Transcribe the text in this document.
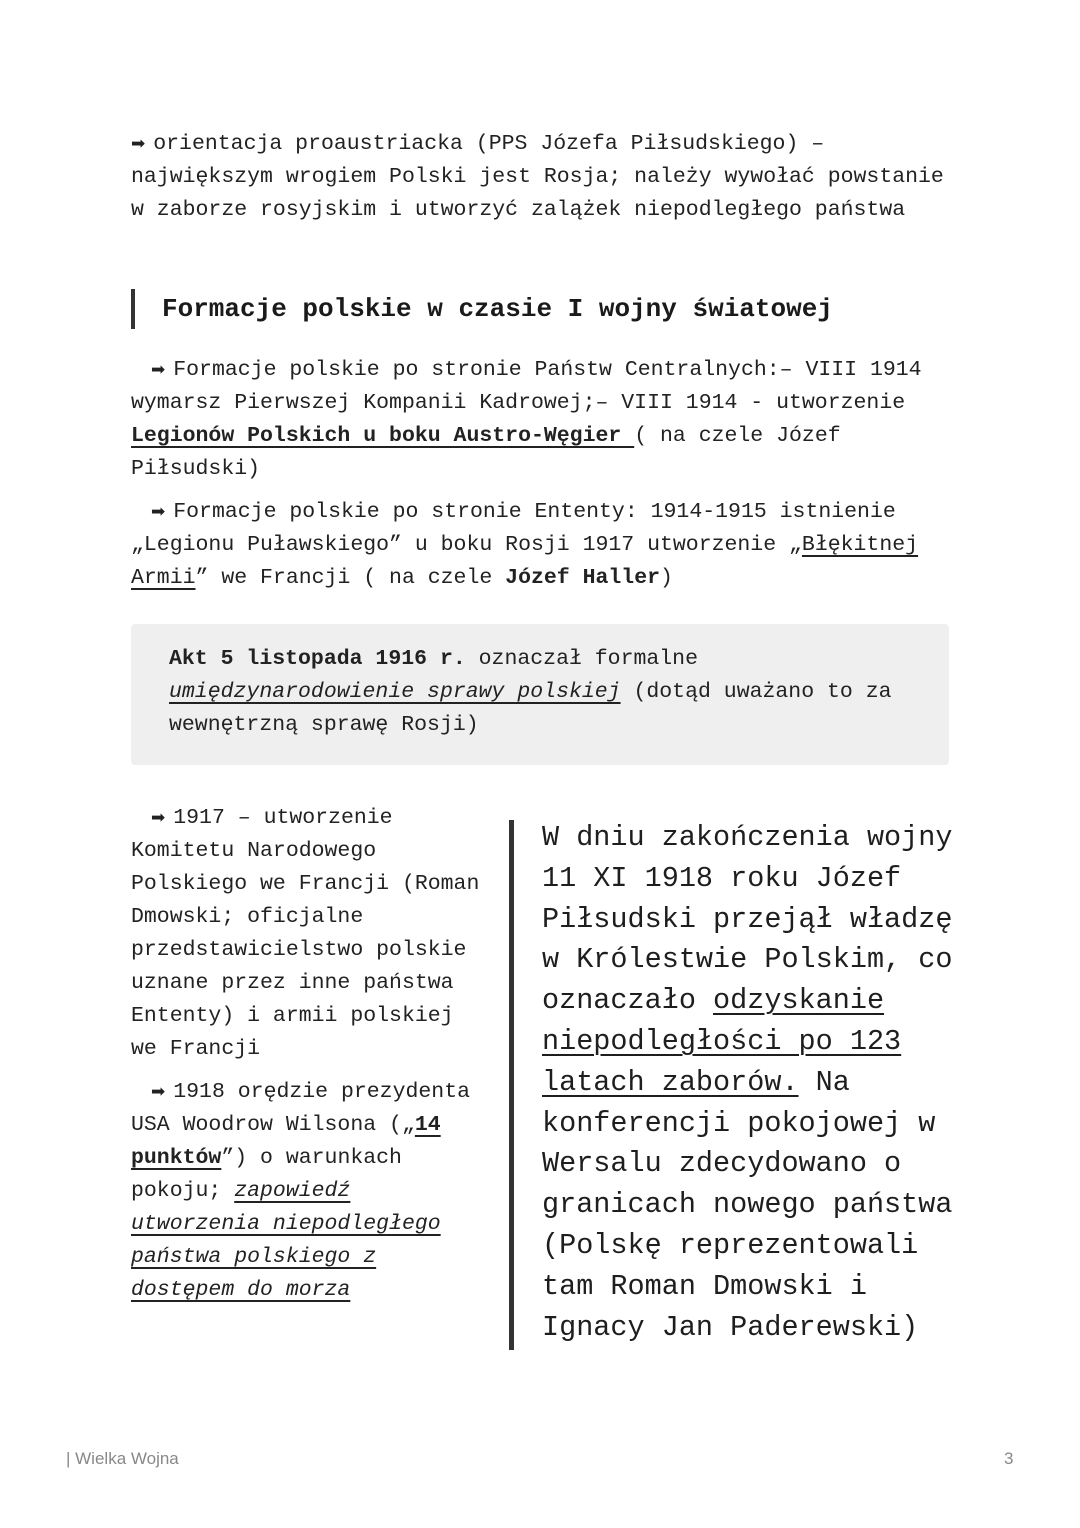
➡ orientacja proaustriacka (PPS Józefa Piłsudskiego) – największym wrogiem Polski jest Rosja; należy wywołać powstanie w zaborze rosyjskim i utworzyć zalążek niepodległego państwa

Formacje polskie w czasie I wojny światowej

➡ Formacje polskie po stronie Państw Centralnych:– VIII 1914 wymarsz Pierwszej Kompanii Kadrowej;– VIII 1914 - utworzenie Legionów Polskich u boku Austro-Węgier ( na czele Józef Piłsudski)

➡ Formacje polskie po stronie Ententy: 1914-1915 istnienie „Legionu Puławskiego” u boku Rosji 1917 utworzenie „Błękitnej Armii” we Francji ( na czele Józef Haller)

Akt 5 listopada 1916 r. oznaczał formalne umiędzynarodowienie sprawy polskiej (dotąd uważano to za wewnętrzną sprawę Rosji)

➡ 1917 – utworzenie Komitetu Narodowego Polskiego we Francji (Roman Dmowski; oficjalne przedstawicielstwo polskie uznane przez inne państwa Ententy) i armii polskiej we Francji

➡ 1918 orędzie prezydenta USA Woodrow Wilsona („14 punktów”) o warunkach pokoju; zapowiedź utworzenia niepodległego państwa polskiego z dostępem do morza

W dniu zakończenia wojny 11 XI 1918 roku Józef Piłsudski przejął władzę w Królestwie Polskim, co oznaczało odzyskanie niepodległości po 123 latach zaborów. Na konferencji pokojowej w Wersalu zdecydowano o granicach nowego państwa (Polskę reprezentowali tam Roman Dmowski i Ignacy Jan Paderewski)

| Wielka Wojna	3
